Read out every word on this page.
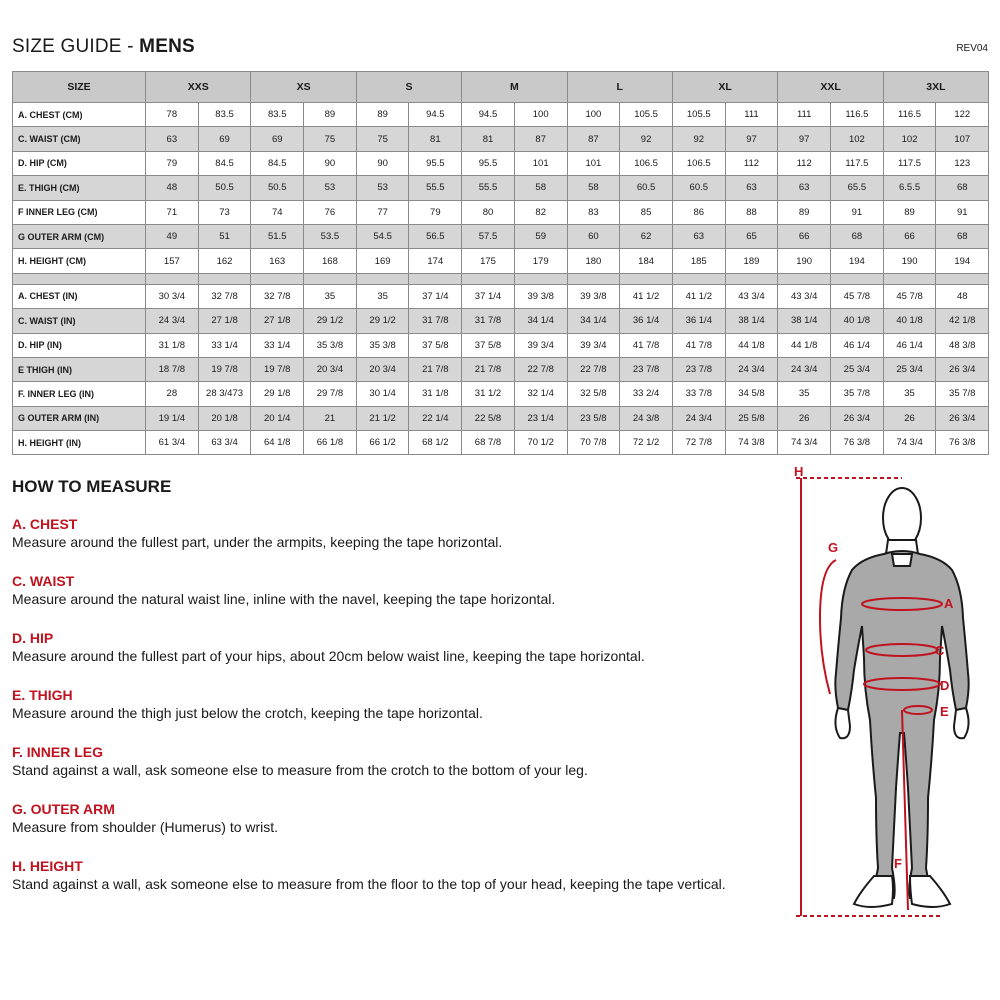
SIZE GUIDE - MENS	REV04
SIZE	XXS		XS		S		M		L		XL		XXL		3XL	
A. CHEST (CM)	78	83.5	83.5	89	89	94.5	94.5	100	100	105.5	105.5	111	111	116.5	116.5	122
C. WAIST (CM)	63	69	69	75	75	81	81	87	87	92	92	97	97	102	102	107
D. HIP (CM)	79	84.5	84.5	90	90	95.5	95.5	101	101	106.5	106.5	112	112	117.5	117.5	123
E. THIGH (CM)	48	50.5	50.5	53	53	55.5	55.5	58	58	60.5	60.5	63	63	65.5	6.5.5	68
F INNER LEG (CM)	71	73	74	76	77	79	80	82	83	85	86	88	89	91	89	91
G OUTER ARM (CM)	49	51	51.5	53.5	54.5	56.5	57.5	59	60	62	63	65	66	68	66	68
H. HEIGHT (CM)	157	162	163	168	169	174	175	179	180	184	185	189	190	194	190	194

A. CHEST (IN)	30 3/4	32 7/8	32 7/8	35	35	37 1/4	37 1/4	39 3/8	39 3/8	41 1/2	41 1/2	43 3/4	43 3/4	45 7/8	45 7/8	48
C. WAIST (IN)	24 3/4	27 1/8	27 1/8	29 1/2	29 1/2	31 7/8	31 7/8	34 1/4	34 1/4	36 1/4	36 1/4	38 1/4	38 1/4	40 1/8	40 1/8	42 1/8
D. HIP (IN)	31 1/8	33 1/4	33 1/4	35 3/8	35 3/8	37 5/8	37 5/8	39 3/4	39 3/4	41 7/8	41 7/8	44 1/8	44 1/8	46 1/4	46 1/4	48 3/8
E THIGH (IN)	18 7/8	19 7/8	19 7/8	20 3/4	20 3/4	21 7/8	21 7/8	22 7/8	22 7/8	23 7/8	23 7/8	24 3/4	24 3/4	25 3/4	25 3/4	26 3/4
F. INNER LEG (IN)	28	28 3/473	29 1/8	29 7/8	30 1/4	31 1/8	31 1/2	32 1/4	32 5/8	33 2/4	33 7/8	34 5/8	35	35 7/8	35	35 7/8
G OUTER ARM (IN)	19 1/4	20 1/8	20 1/4	21	21 1/2	22 1/4	22 5/8	23 1/4	23 5/8	24 3/8	24 3/4	25 5/8	26	26 3/4	26	26 3/4
H. HEIGHT (IN)	61 3/4	63 3/4	64 1/8	66 1/8	66 1/2	68 1/2	68 7/8	70 1/2	70 7/8	72 1/2	72 7/8	74 3/8	74 3/4	76 3/8	74 3/4	76 3/8
HOW TO MEASURE
A. CHEST
Measure around the fullest part, under the armpits, keeping the tape horizontal.
C. WAIST
Measure around the natural waist line, inline with the navel, keeping the tape horizontal.
D. HIP
Measure around the fullest part of your hips, about 20cm below waist line, keeping the tape horizontal.
E. THIGH
Measure around the thigh just below the crotch, keeping the tape horizontal.
F. INNER LEG
Stand against a wall, ask someone else to measure from the crotch to the bottom of your leg.
G. OUTER ARM
Measure from shoulder (Humerus) to wrist.
H. HEIGHT
Stand against a wall, ask someone else to measure from the floor to the top of your head, keeping the tape vertical.
H
G
A
C
D
E
F
